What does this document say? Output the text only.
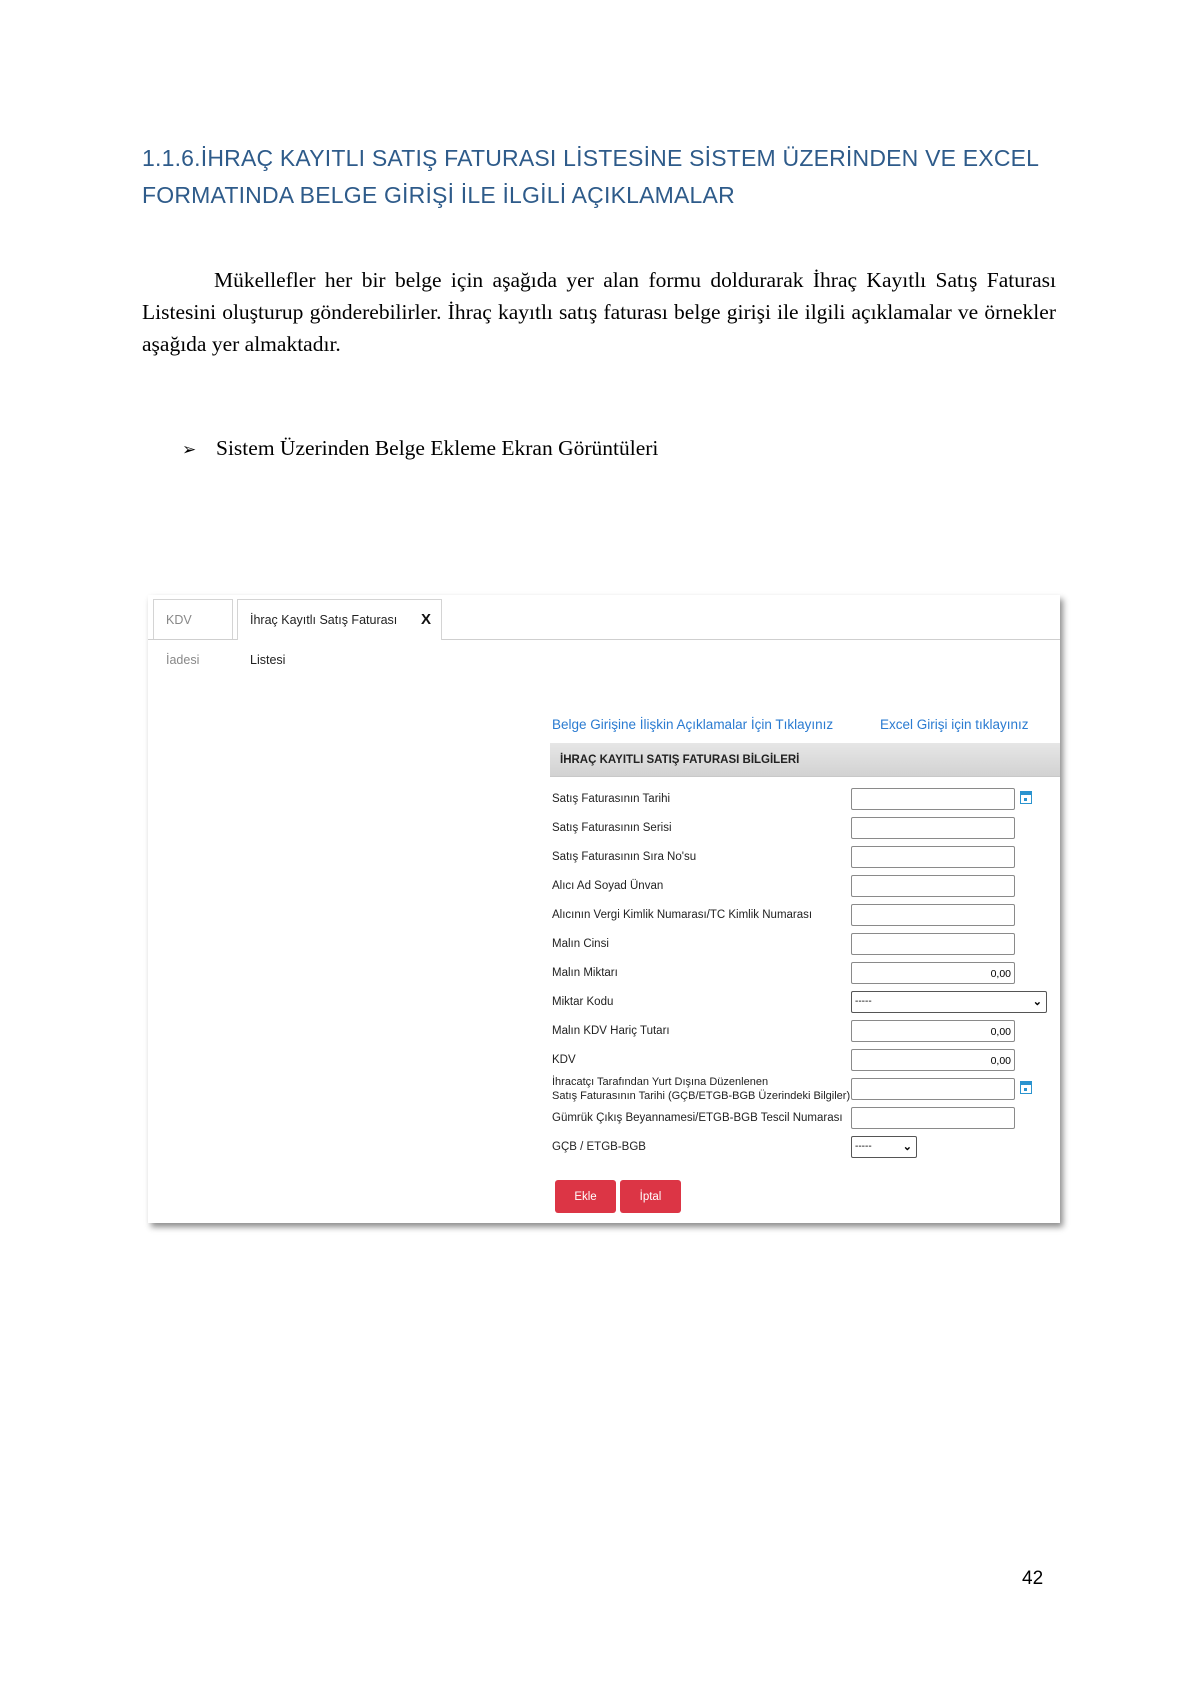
1.1.6.İHRAÇ KAYITLI SATIŞ FATURASI LİSTESİNE SİSTEM ÜZERİNDEN VE EXCEL
FORMATINDA BELGE GİRİŞİ İLE İLGİLİ AÇIKLAMALAR

Mükellefler her bir belge için aşağıda yer alan formu doldurarak İhraç Kayıtlı Satış Faturası Listesini oluşturup gönderebilirler. İhraç kayıtlı satış faturası belge girişi ile ilgili açıklamalar ve örnekler aşağıda yer almaktadır.

➢ Sistem Üzerinden Belge Ekleme Ekran Görüntüleri
KDV İadesi
İhraç Kayıtlı Satış Faturası Listesi
X
Belge Girişine İlişkin Açıklamalar İçin Tıklayınız	Excel Girişi için tıklayınız
İHRAÇ KAYITLI SATIŞ FATURASI BİLGİLERİ
Satış Faturasının Tarihi
Satış Faturasının Serisi
Satış Faturasının Sıra No'su
Alıcı Ad Soyad Ünvan
Alıcının Vergi Kimlik Numarası/TC Kimlik Numarası
Malın Cinsi
Malın Miktarı	0,00
Miktar Kodu	-----	⌄
Malın KDV Hariç Tutarı	0,00
KDV	0,00
İhracatçı Tarafından Yurt Dışına Düzenlenen
Satış Faturasının Tarihi (GÇB/ETGB-BGB Üzerindeki Bilgiler)
Gümrük Çıkış Beyannamesi/ETGB-BGB Tescil Numarası
GÇB / ETGB-BGB	-----	⌄
Ekle	İptal
42
